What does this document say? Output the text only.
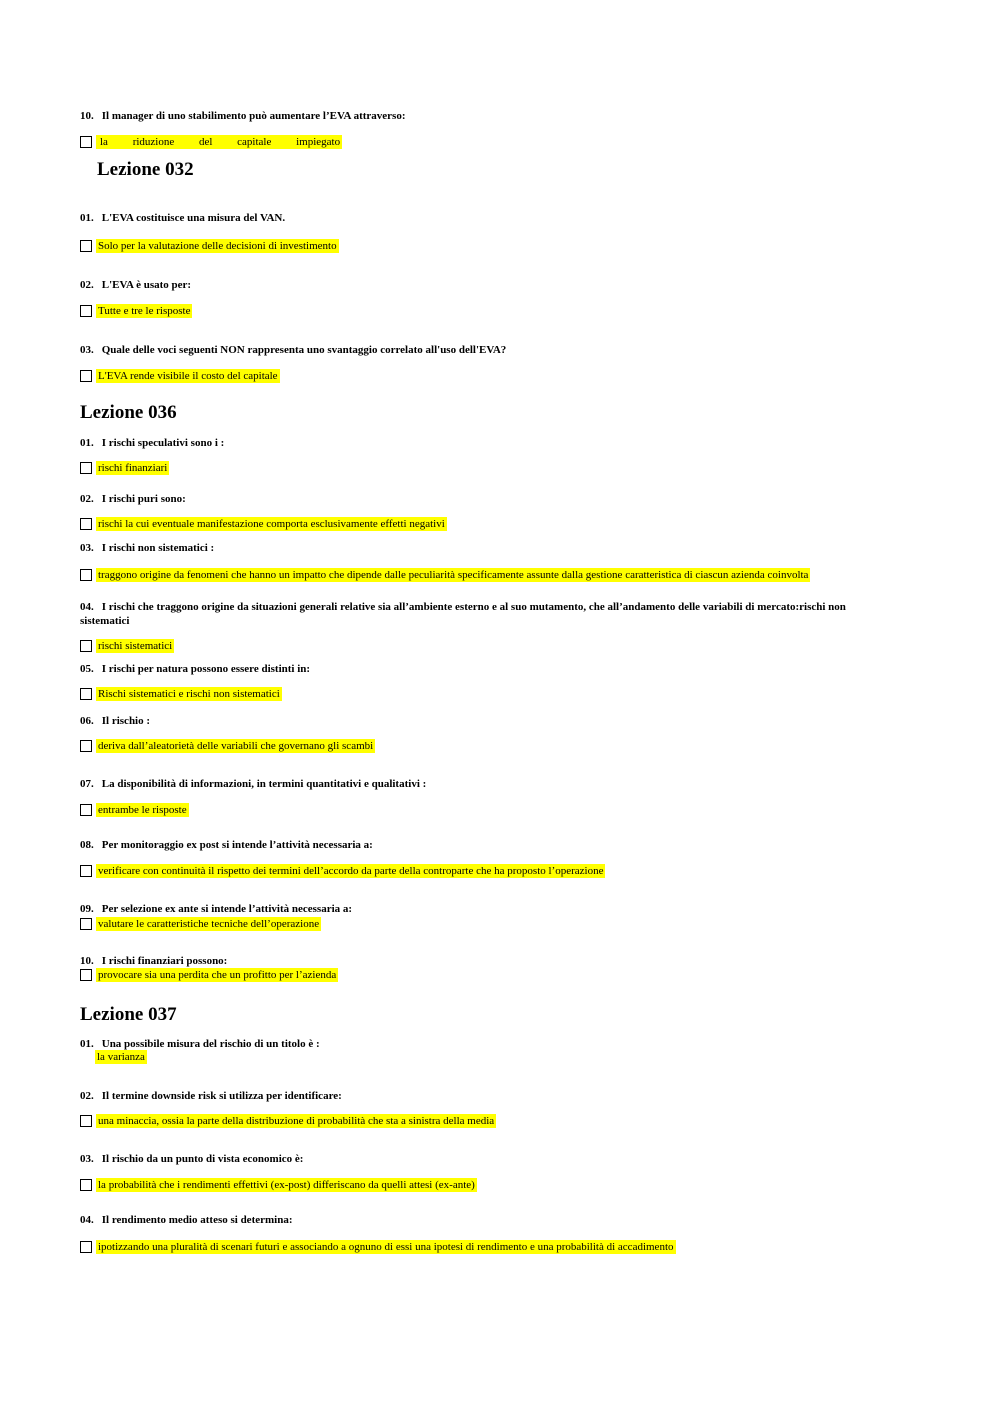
10. Il manager di uno stabilimento può aumentare l’EVA attraverso:
la riduzione del capitale impiegato
Lezione 032
01. L'EVA costituisce una misura del VAN.
Solo per la valutazione delle decisioni di investimento
02. L'EVA è usato per:
Tutte e tre le risposte
03. Quale delle voci seguenti NON rappresenta uno svantaggio correlato all'uso dell'EVA?
L'EVA rende visibile il costo del capitale
Lezione 036
01. I rischi speculativi sono i :
rischi finanziari
02. I rischi puri sono:
rischi la cui eventuale manifestazione comporta esclusivamente effetti negativi
03. I rischi non sistematici :
traggono origine da fenomeni che hanno un impatto che dipende dalle peculiarità specificamente assunte dalla gestione caratteristica di ciascun azienda coinvolta
04. I rischi che traggono origine da situazioni generali relative sia all’ambiente esterno e al suo mutamento, che all’andamento delle variabili di mercato:rischi non sistematici
rischi sistematici
05. I rischi per natura possono essere distinti in:
Rischi sistematici e rischi non sistematici
06. Il rischio :
deriva dall’aleatorietà delle variabili che governano gli scambi
07. La disponibilità di informazioni, in termini quantitativi e qualitativi :
entrambe le risposte
08. Per monitoraggio ex post si intende l’attività necessaria a:
verificare con continuità il rispetto dei termini dell’accordo da parte della controparte che ha proposto l’operazione
09. Per selezione ex ante si intende l’attività necessaria a:
valutare le caratteristiche tecniche dell’operazione
10. I rischi finanziari possono:
provocare sia una perdita che un profitto per l’azienda
Lezione 037
01. Una possibile misura del rischio di un titolo è :
la varianza
02. Il termine downside risk si utilizza per identificare:
una minaccia, ossia la parte della distribuzione di probabilità che sta a sinistra della media
03. Il rischio da un punto di vista economico è:
la probabilità che i rendimenti effettivi (ex-post) differiscano da quelli attesi (ex-ante)
04. Il rendimento medio atteso si determina:
ipotizzando una pluralità di scenari futuri e associando a ognuno di essi una ipotesi di rendimento e una probabilità di accadimento
